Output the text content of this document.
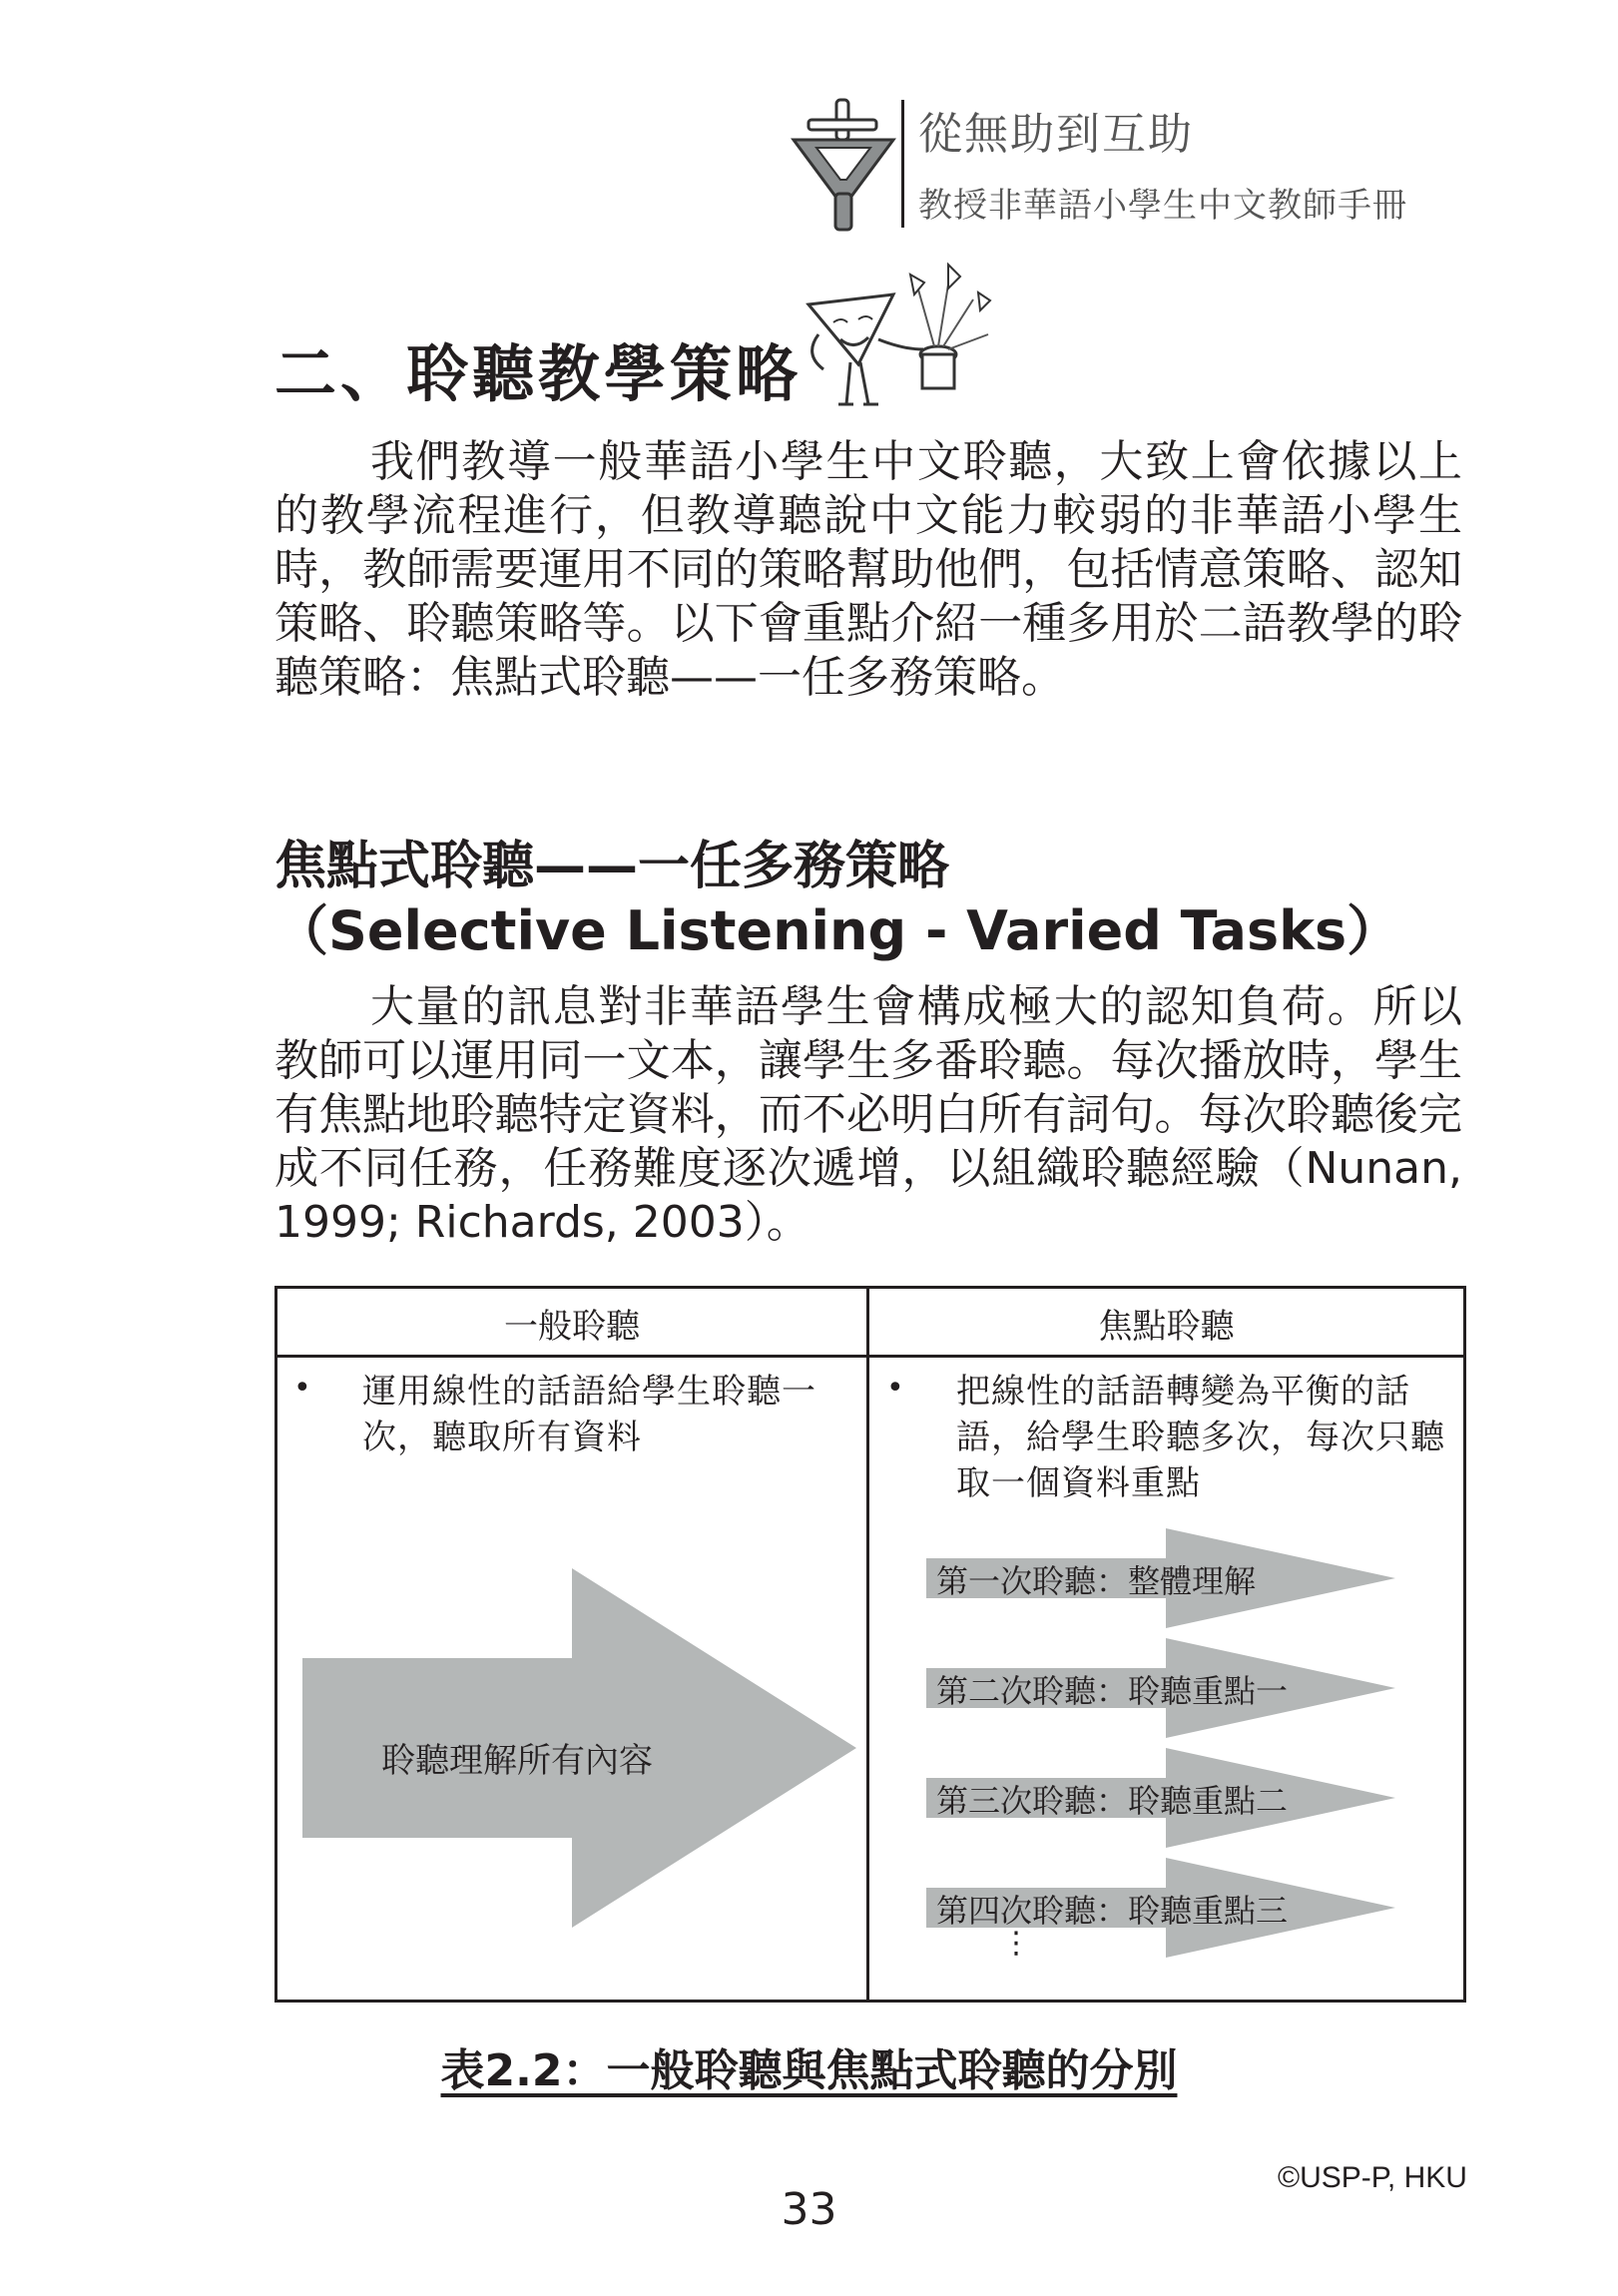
從無助到互助
教授非華語小學生中文教師手冊
二、聆聽教學策略
我們教導一般華語小學生中文聆聽，大致上會依據以上的教學流程進行，但教導聽說中文能力較弱的非華語小學生時，教師需要運用不同的策略幫助他們，包括情意策略、認知策略、聆聽策略等。以下會重點介紹一種多用於二語教學的聆聽策略：焦點式聆聽——一任多務策略。
焦點式聆聽——一任多務策略
（Selective Listening - Varied Tasks）
大量的訊息對非華語學生會構成極大的認知負荷。所以教師可以運用同一文本，讓學生多番聆聽。每次播放時，學生有焦點地聆聽特定資料，而不必明白所有詞句。每次聆聽後完成不同任務，任務難度逐次遞增，以組織聆聽經驗（Nunan, 1999; Richards, 2003）。
一般聆聽	焦點聆聽
• 運用線性的話語給學生聆聽一次，聽取所有資料
• 把線性的話語轉變為平衡的話語，給學生聆聽多次，每次只聽取一個資料重點
聆聽理解所有內容
第一次聆聽：整體理解
第二次聆聽：聆聽重點一
第三次聆聽：聆聽重點二
第四次聆聽：聆聽重點三
⋮
表2.2：一般聆聽與焦點式聆聽的分別
33
©USP-P, HKU
